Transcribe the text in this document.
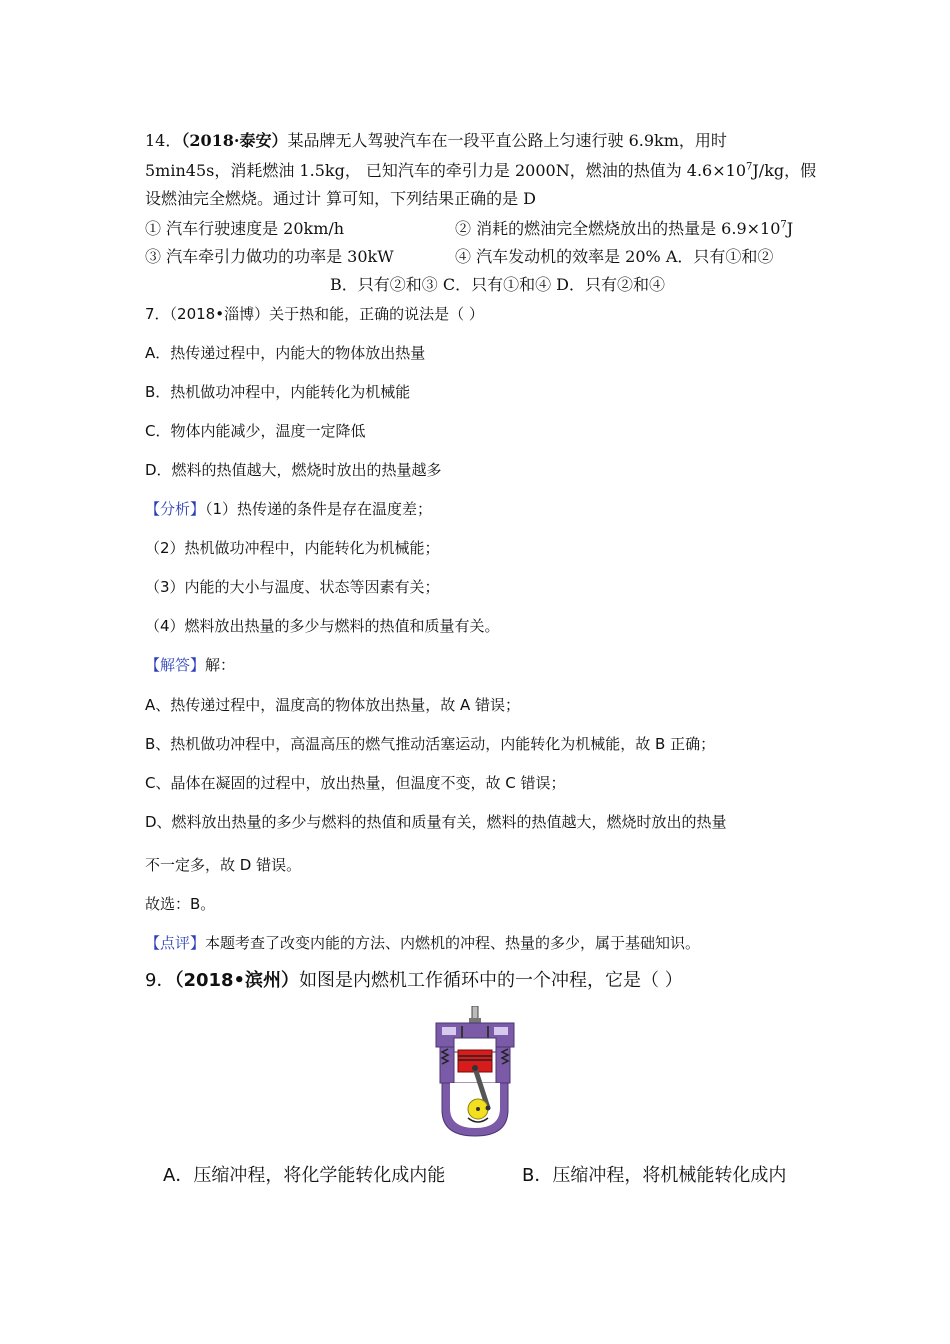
14．（2018·泰安）某品牌无人驾驶汽车在一段平直公路上匀速行驶 6.9km，用时
5min45s，消耗燃油 1.5kg， 已知汽车的牵引力是 2000N，燃油的热值为 $4.6\times 10^7J/kg$，假
设燃油完全燃烧。通过计 算可知，下列结果正确的是 D
① 汽车行驶速度是 20km/h	② 消耗的燃油完全燃烧放出的热量是 $6.9\times 10^7J$
③ 汽车牵引力做功的功率是 30kW	④ 汽车发动机的效率是 20% A．只有①和②
B．只有②和③ C．只有①和④ D．只有②和④
7．（2018•淄博）关于热和能，正确的说法是（ ）
A．热传递过程中，内能大的物体放出热量
B．热机做功冲程中，内能转化为机械能
C．物体内能减少，温度一定降低
D．燃料的热值越大，燃烧时放出的热量越多
【分析】（1）热传递的条件是存在温度差；
（2）热机做功冲程中，内能转化为机械能；
（3）内能的大小与温度、状态等因素有关；
（4）燃料放出热量的多少与燃料的热值和质量有关。
【解答】解：
A、热传递过程中，温度高的物体放出热量，故 A 错误；
B、热机做功冲程中，高温高压的燃气推动活塞运动，内能转化为机械能，故 B 正确；
C、晶体在凝固的过程中，放出热量，但温度不变，故 C 错误；
D、燃料放出热量的多少与燃料的热值和质量有关，燃料的热值越大，燃烧时放出的热量
不一定多，故 D 错误。
故选：B。
【点评】本题考查了改变内能的方法、内燃机的冲程、热量的多少，属于基础知识。
9．（2018•滨州）如图是内燃机工作循环中的一个冲程，它是（ ）
A．压缩冲程，将化学能转化成内能	B．压缩冲程，将机械能转化成内
